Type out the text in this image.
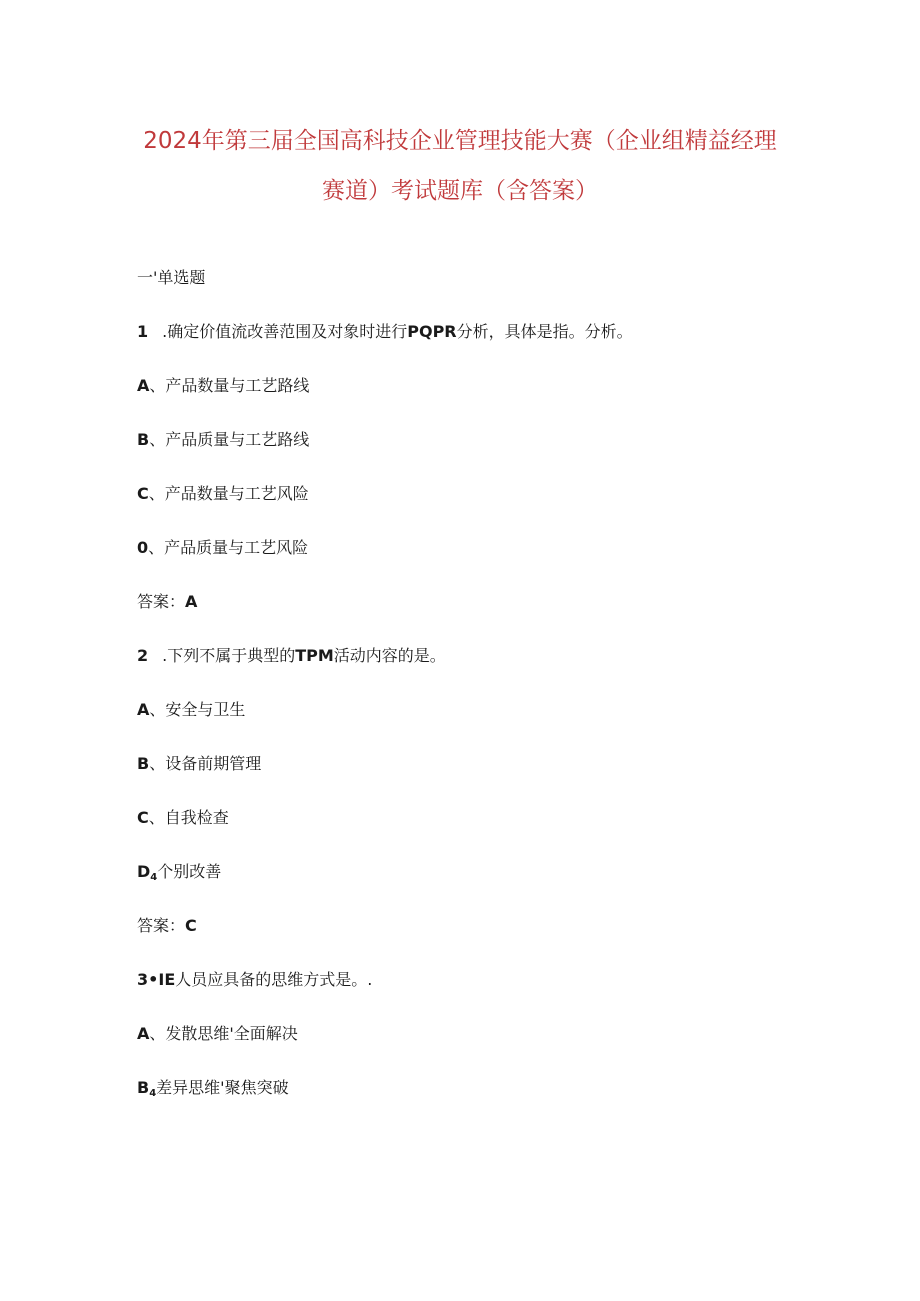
2024年第三届全国高科技企业管理技能大赛（企业组精益经理
赛道）考试题库（含答案）
一'单选题
1 .确定价值流改善范围及对象时进行PQPR分析，具体是指。分析。
A、产品数量与工艺路线
B、产品质量与工艺路线
C、产品数量与工艺风险
0、产品质量与工艺风险
答案：A
2 .下列不属于典型的TPM活动内容的是。
A、安全与卫生
B、设备前期管理
C、自我检查
D4个别改善
答案：C
3•IE人员应具备的思维方式是。.
A、发散思维'全面解决
B4差异思维'聚焦突破
